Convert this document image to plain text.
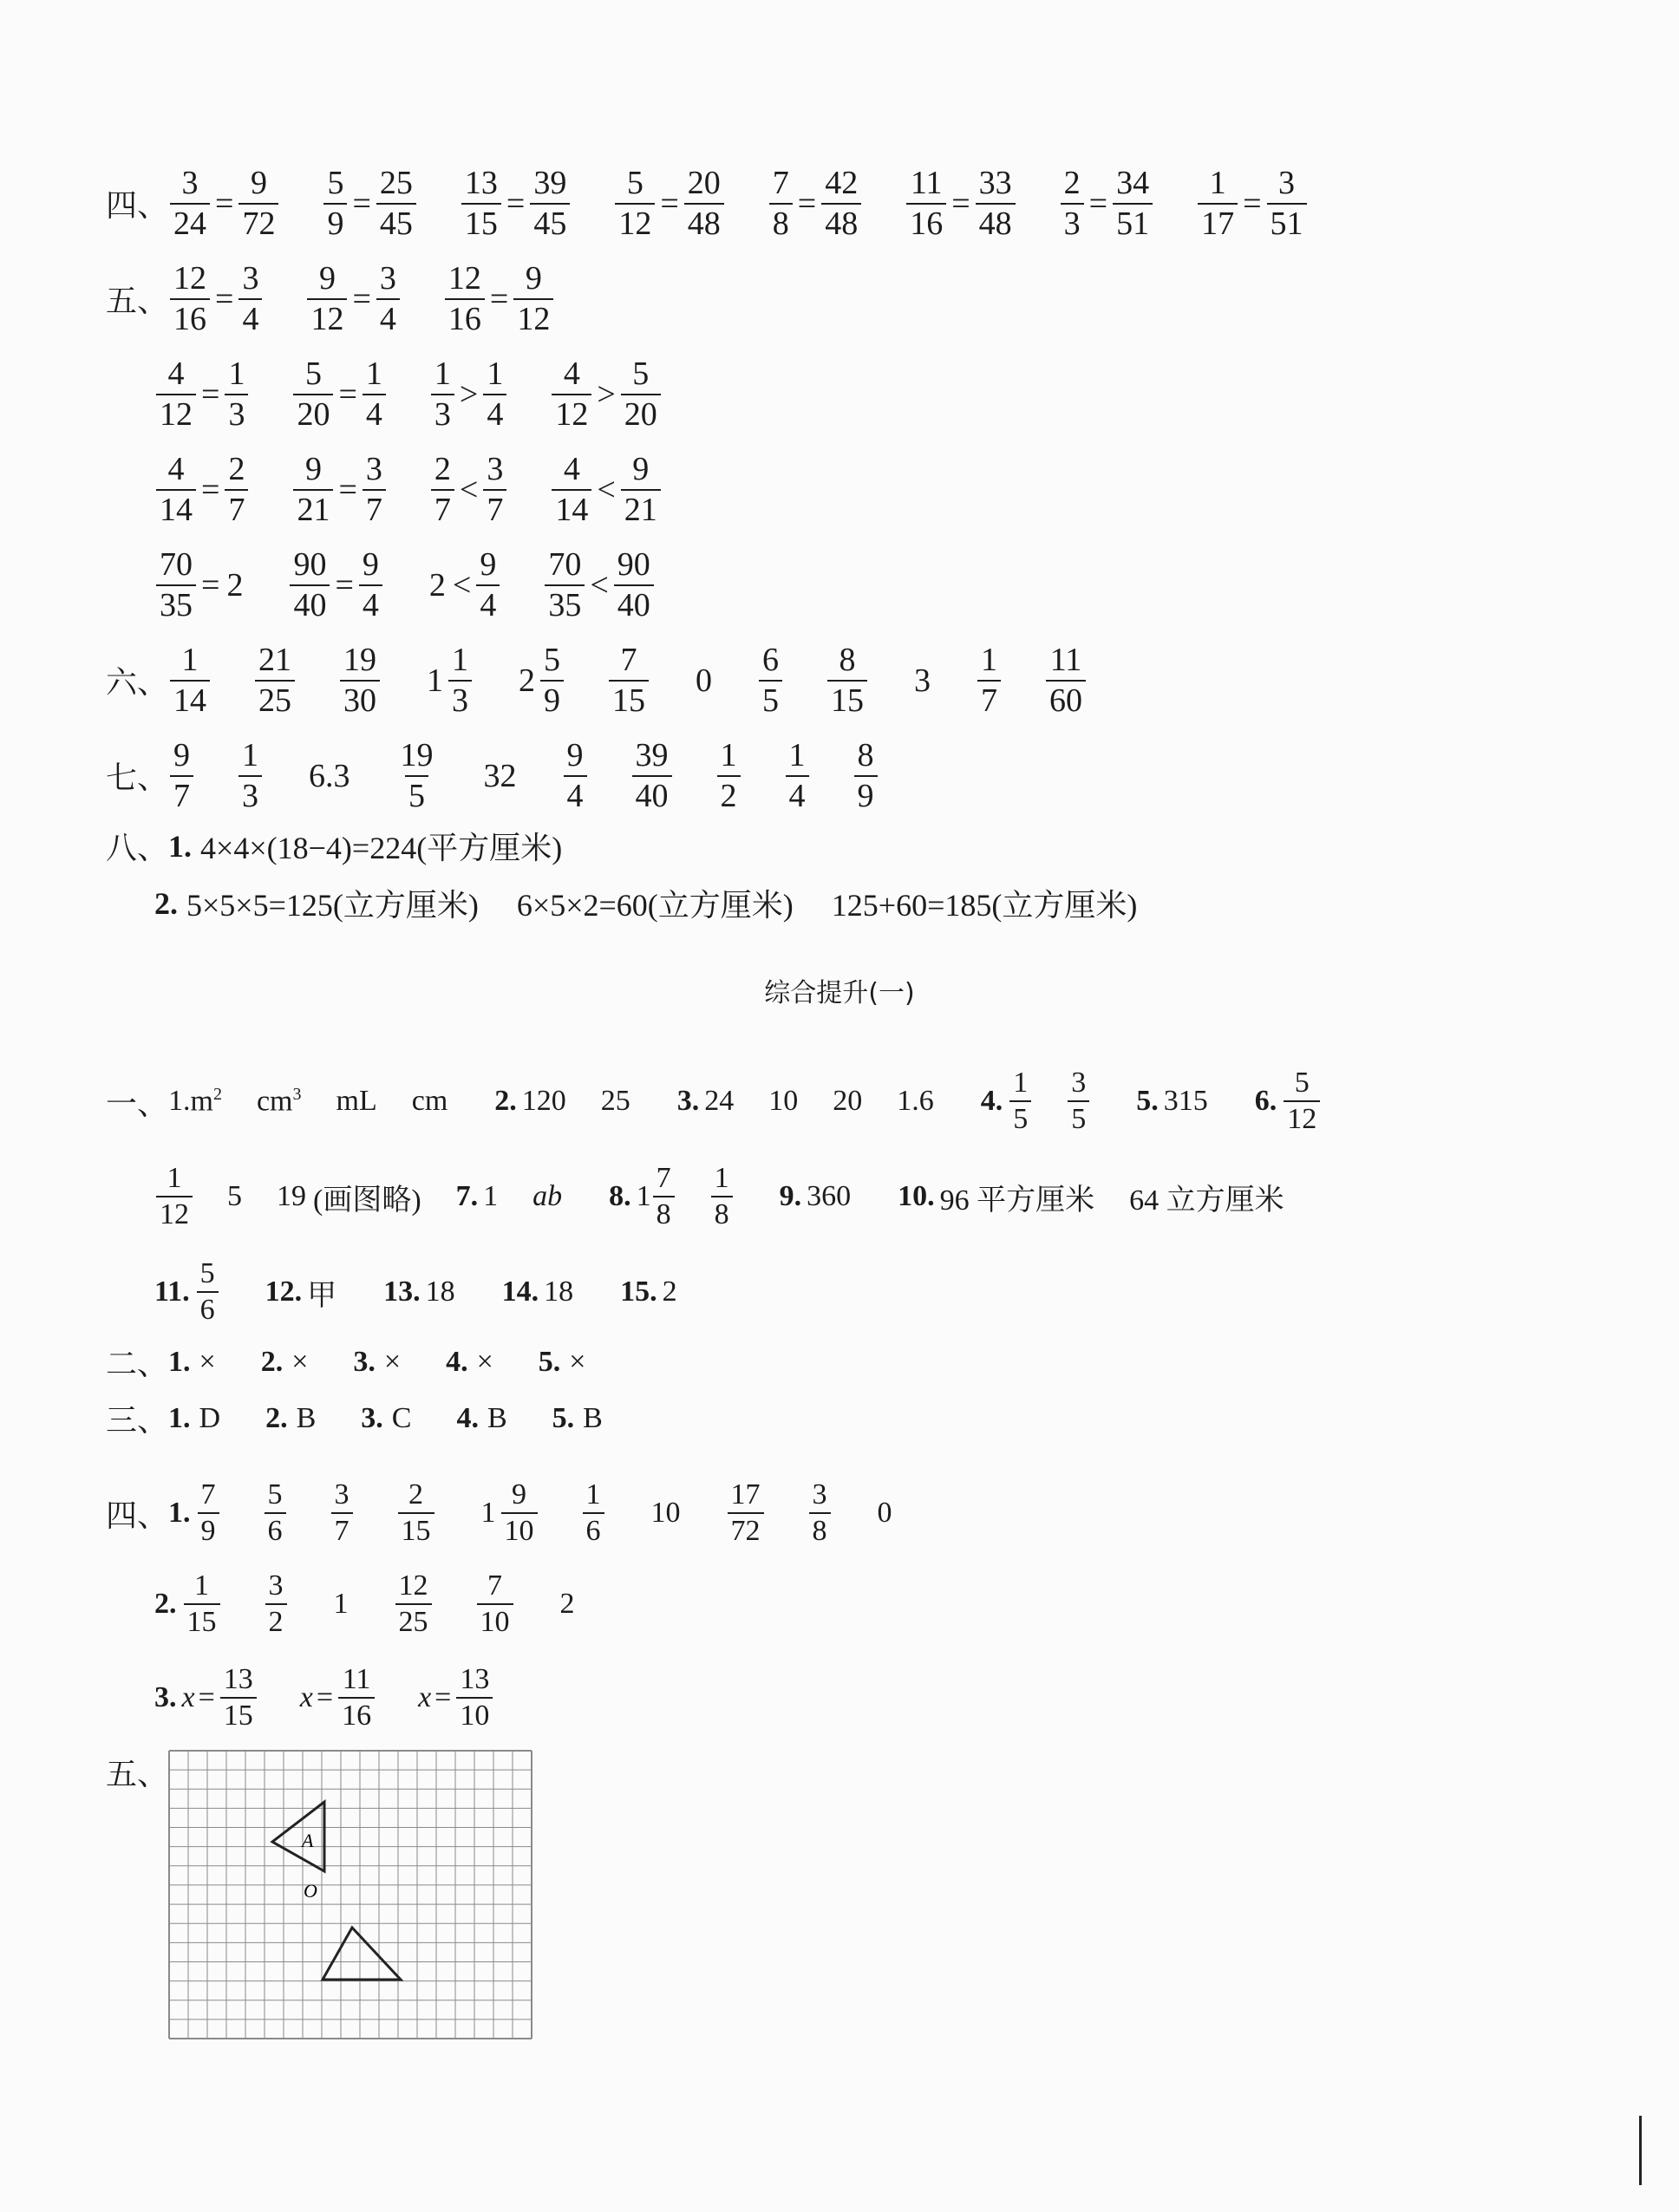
四、 $\frac{3}{24} = \frac{9}{72} \frac{5}{9} = \frac{25}{45} \frac{13}{15} = \frac{39}{45} \frac{5}{12} = \frac{20}{48} \frac{7}{8} = \frac{42}{48} \frac{11}{16} = \frac{33}{48} \frac{2}{3} = \frac{34}{51} \frac{1}{17} = \frac{3}{51}$
五、 $\frac{12}{16} = \frac{3}{4} \frac{9}{12} = \frac{3}{4} \frac{12}{16} = \frac{9}{12}$
$\frac{4}{12} = \frac{1}{3} \frac{5}{20} = \frac{1}{4} \frac{1}{3} > \frac{1}{4} \frac{4}{12} > \frac{5}{20}$
$\frac{4}{14} = \frac{2}{7} \frac{9}{21} = \frac{3}{7} \frac{2}{7} < \frac{3}{7} \frac{4}{14} < \frac{9}{21}$
$\frac{70}{35} = 2 \frac{90}{40} = \frac{9}{4} 2 < \frac{9}{4} \frac{70}{35} < \frac{90}{40}$
六、 $\frac{1}{14} \frac{21}{25} \frac{19}{30} 1 \frac{1}{3} 2 \frac{5}{9} \frac{7}{15} 0 \frac{6}{5} \frac{8}{15} 3 \frac{1}{7} \frac{11}{60}$
七、 $\frac{9}{7} \frac{1}{3} 6.3 \frac{19}{5} 32 \frac{9}{4} \frac{39}{40} \frac{1}{2} \frac{1}{4} \frac{8}{9}$
八、 1. 4×4×(18−4)=224(平方厘米)
2. 5×5×5=125(立方厘米) 6×5×2=60(立方厘米) 125+60=185(立方厘米)
综合提升(一)
一、 1. $m^2$ $cm^3$ mL cm 2. 120 25 3. 24 10 20 1.6 4. $\frac{1}{5} \frac{3}{5} 5$. 315 6. $\frac{5}{12}$
$\frac{1}{12} 5$ 19 (画图略) 7. 1 ab 8. $1 \frac{7}{8} \frac{1}{8} 9$. 360 10. 96 平方厘米 64 立方厘米
11. $\frac{5}{6} 12$. 甲 13. 18 14. 18 15. 2
二、 1. × 2. × 3. × 4. × 5. ×
三、 1. D 2. B 3. C 4. B 5. B
四、 1. $\frac{7}{9} \frac{5}{6} \frac{3}{7} \frac{2}{15} 1 \frac{9}{10} \frac{1}{6} 10 \frac{17}{72} \frac{3}{8} 0$
2. $\frac{1}{15} \frac{3}{2} 1 \frac{12}{25} \frac{7}{10} 2$
3. $x = \frac{13}{15}$ $x = \frac{11}{16}$ $x = \frac{13}{10}$
五、
A
O
